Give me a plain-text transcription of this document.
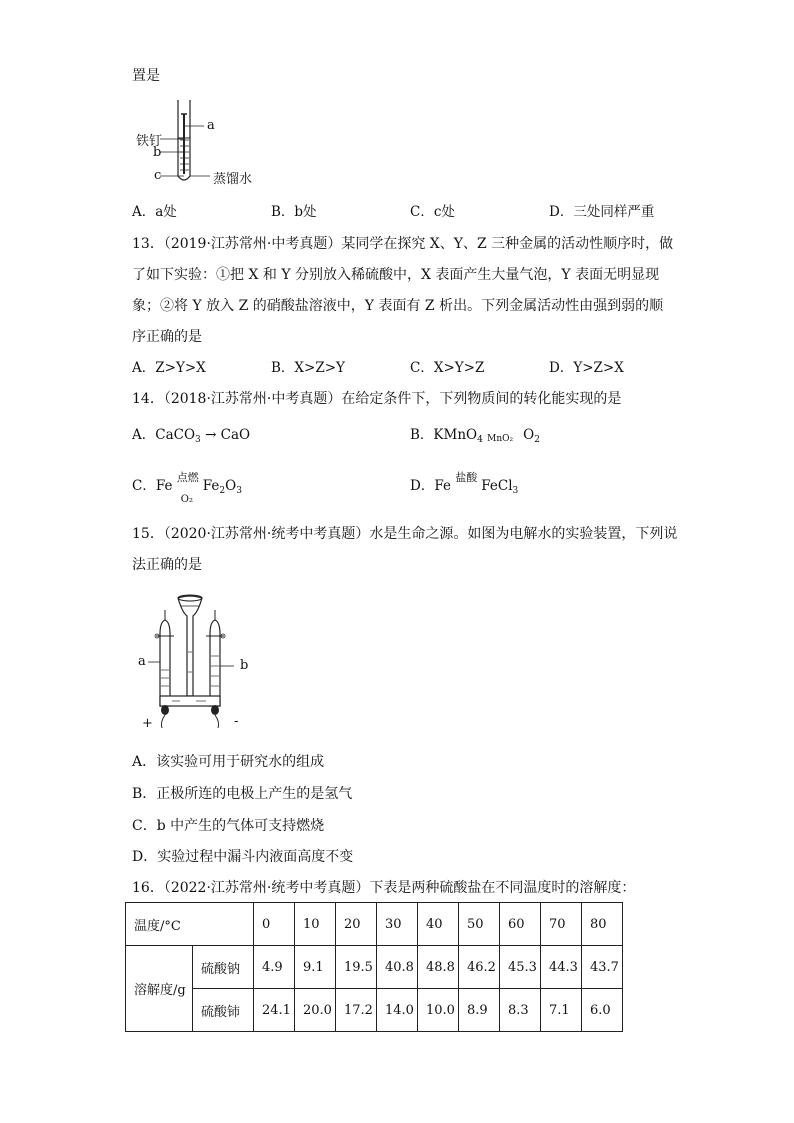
置是
铁钉
a
b
c	蒸馏水
A．a处	B．b处	C．c处	D．三处同样严重
13．（2019·江苏常州·中考真题）某同学在探究 X、Y、Z 三种金属的活动性顺序时，做
了如下实验：①把 X 和 Y 分别放入稀硫酸中，X 表面产生大量气泡，Y 表面无明显现
象；②将 Y 放入 Z 的硝酸盐溶液中，Y 表面有 Z 析出。下列金属活动性由强到弱的顺
序正确的是
A．Z>Y>X	B．X>Z>Y	C．X>Y>Z	D．Y>Z>X
14．（2018·江苏常州·中考真题）在给定条件下，下列物质间的转化能实现的是
A．CaCO$_3$ → CaO	B．KMnO$_4$ MnO₂ $O_2$
C．Fe
点燃
O₂
$Fe_2O_3$	D．Fe
盐酸
FeCl$_3$
15．（2020·江苏常州·统考中考真题）水是生命之源。如图为电解水的实验装置，下列说
法正确的是
a	b
+	-
A．该实验可用于研究水的组成
B．正极所连的电极上产生的是氢气
C．b 中产生的气体可支持燃烧
D．实验过程中漏斗内液面高度不变
16．（2022·江苏常州·统考中考真题）下表是两种硫酸盐在不同温度时的溶解度：
温度/°C		0	10	20	30	40	50	60	70	80
溶解度/g	硫酸钠	4.9	9.1	19.5	40.8	48.8	46.2	45.3	44.3	43.7
	硫酸铈	24.1	20.0	17.2	14.0	10.0	8.9	8.3	7.1	6.0
